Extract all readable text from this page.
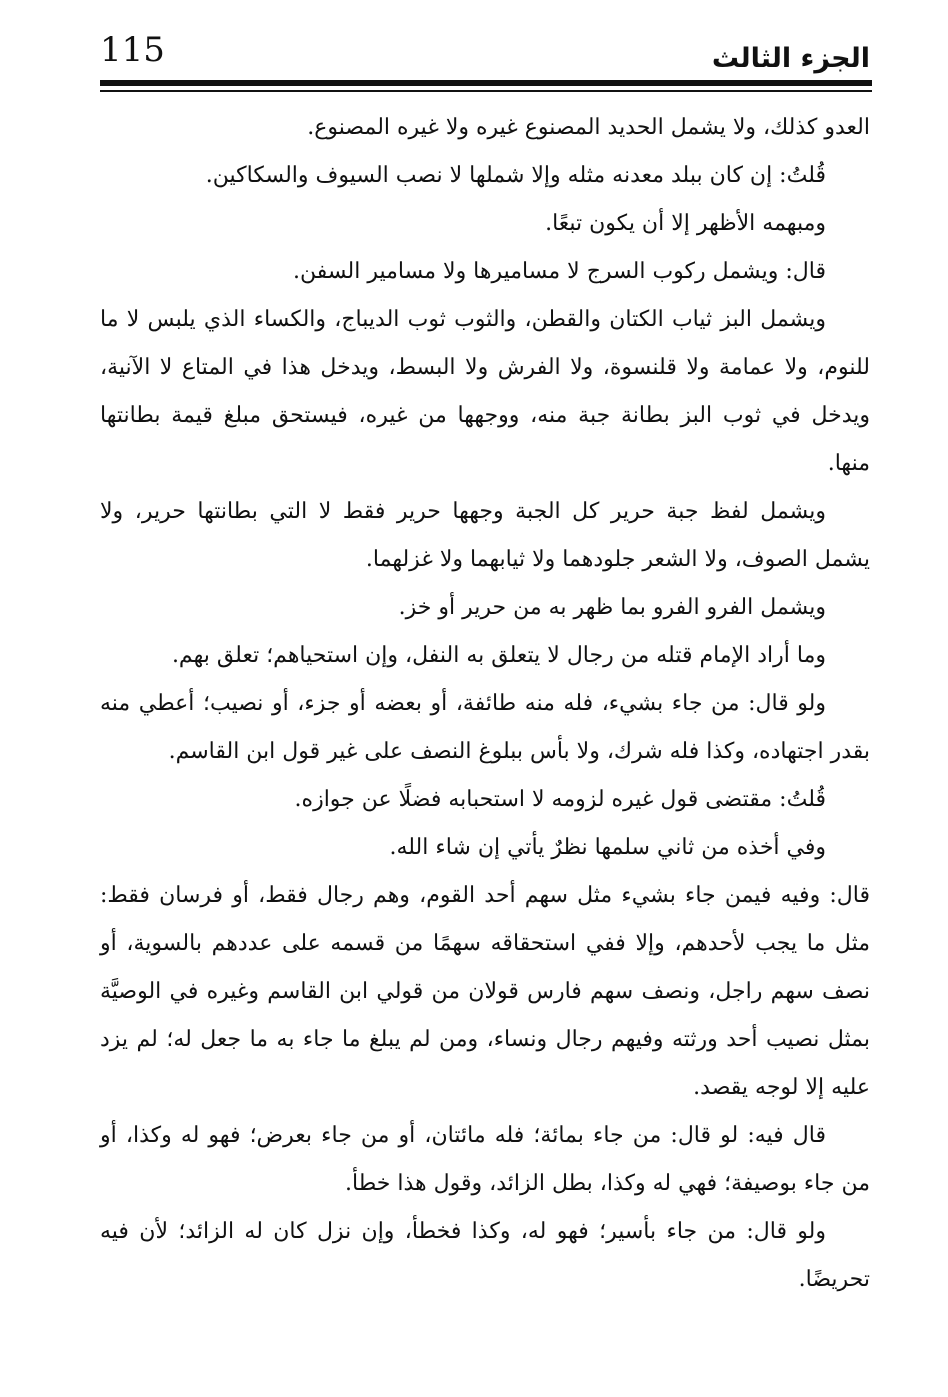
115	الجزء الثالث

العدو كذلك، ولا يشمل الحديد المصنوع غيره ولا غيره المصنوع.

قُلتُ: إن كان ببلد معدنه مثله وإلا شملها لا نصب السيوف والسكاكين.

ومبهمه الأظهر إلا أن يكون تبعًا.

قال: ويشمل ركوب السرج لا مساميرها ولا مسامير السفن.

ويشمل البز ثياب الكتان والقطن، والثوب ثوب الديباج، والكساء الذي يلبس لا ما للنوم، ولا عمامة ولا قلنسوة، ولا الفرش ولا البسط، ويدخل هذا في المتاع لا الآنية، ويدخل في ثوب البز بطانة جبة منه، ووجهها من غيره، فيستحق مبلغ قيمة بطانتها منها.

ويشمل لفظ جبة حرير كل الجبة وجهها حرير فقط لا التي بطانتها حرير، ولا يشمل الصوف، ولا الشعر جلودهما ولا ثيابهما ولا غزلهما.

ويشمل الفرو الفرو بما ظهر به من حرير أو خز.

وما أراد الإمام قتله من رجال لا يتعلق به النفل، وإن استحياهم؛ تعلق بهم.

ولو قال: من جاء بشيء، فله منه طائفة، أو بعضه أو جزء، أو نصيب؛ أعطي منه بقدر اجتهاده، وكذا فله شرك، ولا بأس ببلوغ النصف على غير قول ابن القاسم.

قُلتُ: مقتضى قول غيره لزومه لا استحبابه فضلًا عن جوازه.

وفي أخذه من ثاني سلمها نظرٌ يأتي إن شاء الله.

قال: وفيه فيمن جاء بشيء مثل سهم أحد القوم، وهم رجال فقط، أو فرسان فقط: مثل ما يجب لأحدهم، وإلا ففي استحقاقه سهمًا من قسمه على عددهم بالسوية، أو نصف سهم راجل، ونصف سهم فارس قولان من قولي ابن القاسم وغيره في الوصيَّة بمثل نصيب أحد ورثته وفيهم رجال ونساء، ومن لم يبلغ ما جاء به ما جعل له؛ لم يزد عليه إلا لوجه يقصد.

قال فيه: لو قال: من جاء بمائة؛ فله مائتان، أو من جاء بعرض؛ فهو له وكذا، أو من جاء بوصيفة؛ فهي له وكذا، بطل الزائد، وقول هذا خطأ.

ولو قال: من جاء بأسير؛ فهو له، وكذا فخطأ، وإن نزل كان له الزائد؛ لأن فيه تحريضًا.
